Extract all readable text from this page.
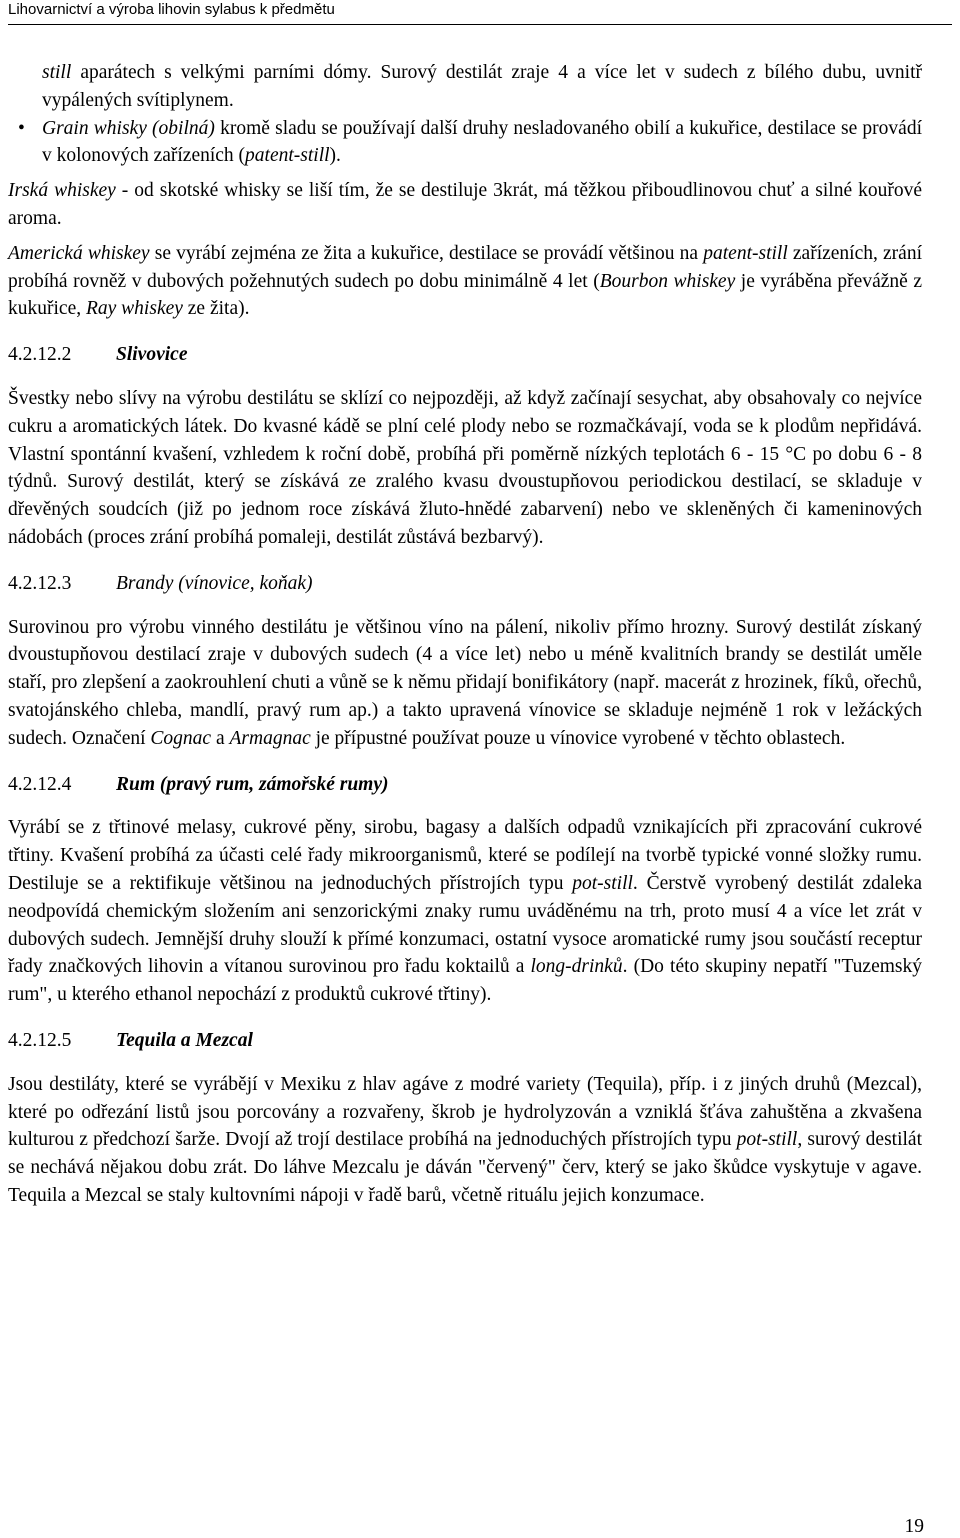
Lihovarnictví a výroba lihovin sylabus k předmětu

still aparátech s velkými parními dómy. Surový destilát zraje 4 a více let v sudech z bílého dubu, uvnitř vypálených svítiplynem.

• Grain whisky (obilná) kromě sladu se používají další druhy nesladovaného obilí a kukuřice, destilace se provádí v kolonových zařízeních (patent-still).

Irská whiskey - od skotské whisky se liší tím, že se destiluje 3krát, má těžkou přiboudlinovou chuť a silné kouřové aroma.

Americká whiskey se vyrábí zejména ze žita a kukuřice, destilace se provádí většinou na patent-still zařízeních, zrání probíhá rovněž v dubových požehnutých sudech po dobu minimálně 4 let (Bourbon whiskey je vyráběna převážně z kukuřice, Ray whiskey ze žita).

4.2.12.2 Slivovice

Švestky nebo slívy na výrobu destilátu se sklízí co nejpozději, až když začínají sesychat, aby obsahovaly co nejvíce cukru a aromatických látek. Do kvasné kádě se plní celé plody nebo se rozmačkávají, voda se k plodům nepřidává. Vlastní spontánní kvašení, vzhledem k roční době, probíhá při poměrně nízkých teplotách 6 - 15 °C po dobu 6 - 8 týdnů. Surový destilát, který se získává ze zralého kvasu dvoustupňovou periodickou destilací, se skladuje v dřevěných soudcích (již po jednom roce získává žluto-hnědé zabarvení) nebo ve skleněných či kameninových nádobách (proces zrání probíhá pomaleji, destilát zůstává bezbarvý).

4.2.12.3 Brandy (vínovice, koňak)

Surovinou pro výrobu vinného destilátu je většinou víno na pálení, nikoliv přímo hrozny. Surový destilát získaný dvoustupňovou destilací zraje v dubových sudech (4 a více let) nebo u méně kvalitních brandy se destilát uměle staří, pro zlepšení a zaokrouhlení chuti a vůně se k němu přidají bonifikátory (např. macerát z hrozinek, fíků, ořechů, svatojánského chleba, mandlí, pravý rum ap.) a takto upravená vínovice se skladuje nejméně 1 rok v ležáckých sudech. Označení Cognac a Armagnac je přípustné používat pouze u vínovice vyrobené v těchto oblastech.

4.2.12.4 Rum (pravý rum, zámořské rumy)

Vyrábí se z třtinové melasy, cukrové pěny, sirobu, bagasy a dalších odpadů vznikajících při zpracování cukrové třtiny. Kvašení probíhá za účasti celé řady mikroorganismů, které se podílejí na tvorbě typické vonné složky rumu. Destiluje se a rektifikuje většinou na jednoduchých přístrojích typu pot-still. Čerstvě vyrobený destilát zdaleka neodpovídá chemickým složením ani senzorickými znaky rumu uváděnému na trh, proto musí 4 a více let zrát v dubových sudech. Jemnější druhy slouží k přímé konzumaci, ostatní vysoce aromatické rumy jsou součástí receptur řady značkových lihovin a vítanou surovinou pro řadu koktailů a long-drinků. (Do této skupiny nepatří "Tuzemský rum", u kterého ethanol nepochází z produktů cukrové třtiny).

4.2.12.5 Tequila a Mezcal

Jsou destiláty, které se vyrábějí v Mexiku z hlav agáve z modré variety (Tequila), příp. i z jiných druhů (Mezcal), které po odřezání listů jsou porcovány a rozvařeny, škrob je hydrolyzován a vzniklá šťáva zahuštěna a zkvašena kulturou z předchozí šarže. Dvojí až trojí destilace probíhá na jednoduchých přístrojích typu pot-still, surový destilát se nechává nějakou dobu zrát. Do láhve Mezcalu je dáván "červený" červ, který se jako škůdce vyskytuje v agave. Tequila a Mezcal se staly kultovními nápoji v řadě barů, včetně rituálu jejich konzumace.

19
